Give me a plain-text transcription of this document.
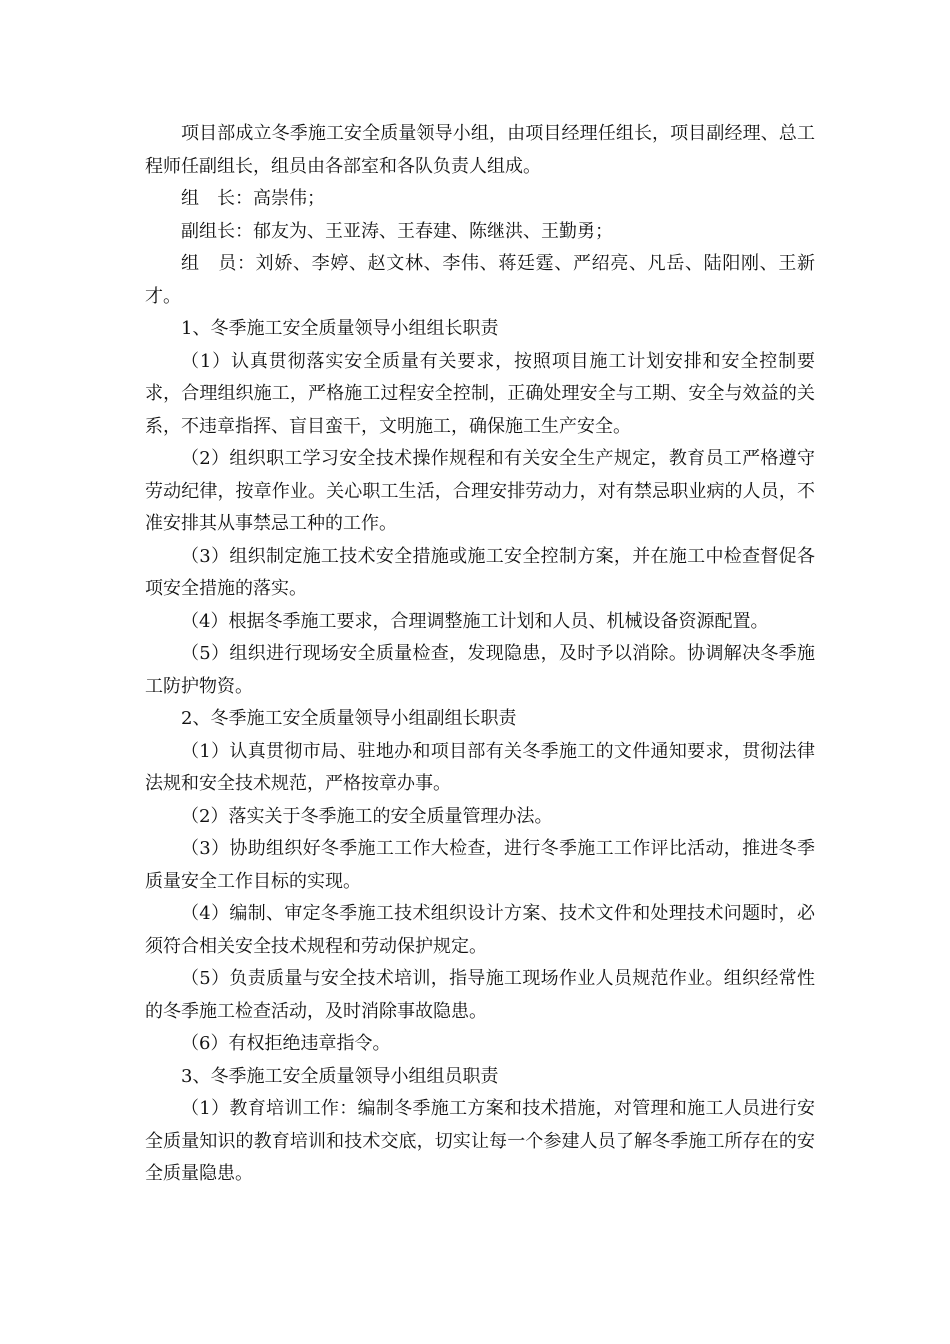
项目部成立冬季施工安全质量领导小组，由项目经理任组长，项目副经理、总工程师任副组长，组员由各部室和各队负责人组成。

组　长：高崇伟；

副组长：郁友为、王亚涛、王春建、陈继洪、王勤勇；

组　员：刘娇、李婷、赵文林、李伟、蒋廷霆、严绍亮、凡岳、陆阳刚、王新才。

1、冬季施工安全质量领导小组组长职责

（1）认真贯彻落实安全质量有关要求，按照项目施工计划安排和安全控制要求，合理组织施工，严格施工过程安全控制，正确处理安全与工期、安全与效益的关系，不违章指挥、盲目蛮干，文明施工，确保施工生产安全。

（2）组织职工学习安全技术操作规程和有关安全生产规定，教育员工严格遵守劳动纪律，按章作业。关心职工生活，合理安排劳动力，对有禁忌职业病的人员，不准安排其从事禁忌工种的工作。

（3）组织制定施工技术安全措施或施工安全控制方案，并在施工中检查督促各项安全措施的落实。

（4）根据冬季施工要求，合理调整施工计划和人员、机械设备资源配置。

（5）组织进行现场安全质量检查，发现隐患，及时予以消除。协调解决冬季施工防护物资。

2、冬季施工安全质量领导小组副组长职责

（1）认真贯彻市局、驻地办和项目部有关冬季施工的文件通知要求，贯彻法律法规和安全技术规范，严格按章办事。

（2）落实关于冬季施工的安全质量管理办法。

（3）协助组织好冬季施工工作大检查，进行冬季施工工作评比活动，推进冬季质量安全工作目标的实现。

（4）编制、审定冬季施工技术组织设计方案、技术文件和处理技术问题时，必须符合相关安全技术规程和劳动保护规定。

（5）负责质量与安全技术培训，指导施工现场作业人员规范作业。组织经常性的冬季施工检查活动，及时消除事故隐患。

（6）有权拒绝违章指令。

3、冬季施工安全质量领导小组组员职责

（1）教育培训工作：编制冬季施工方案和技术措施，对管理和施工人员进行安全质量知识的教育培训和技术交底，切实让每一个参建人员了解冬季施工所存在的安全质量隐患。
